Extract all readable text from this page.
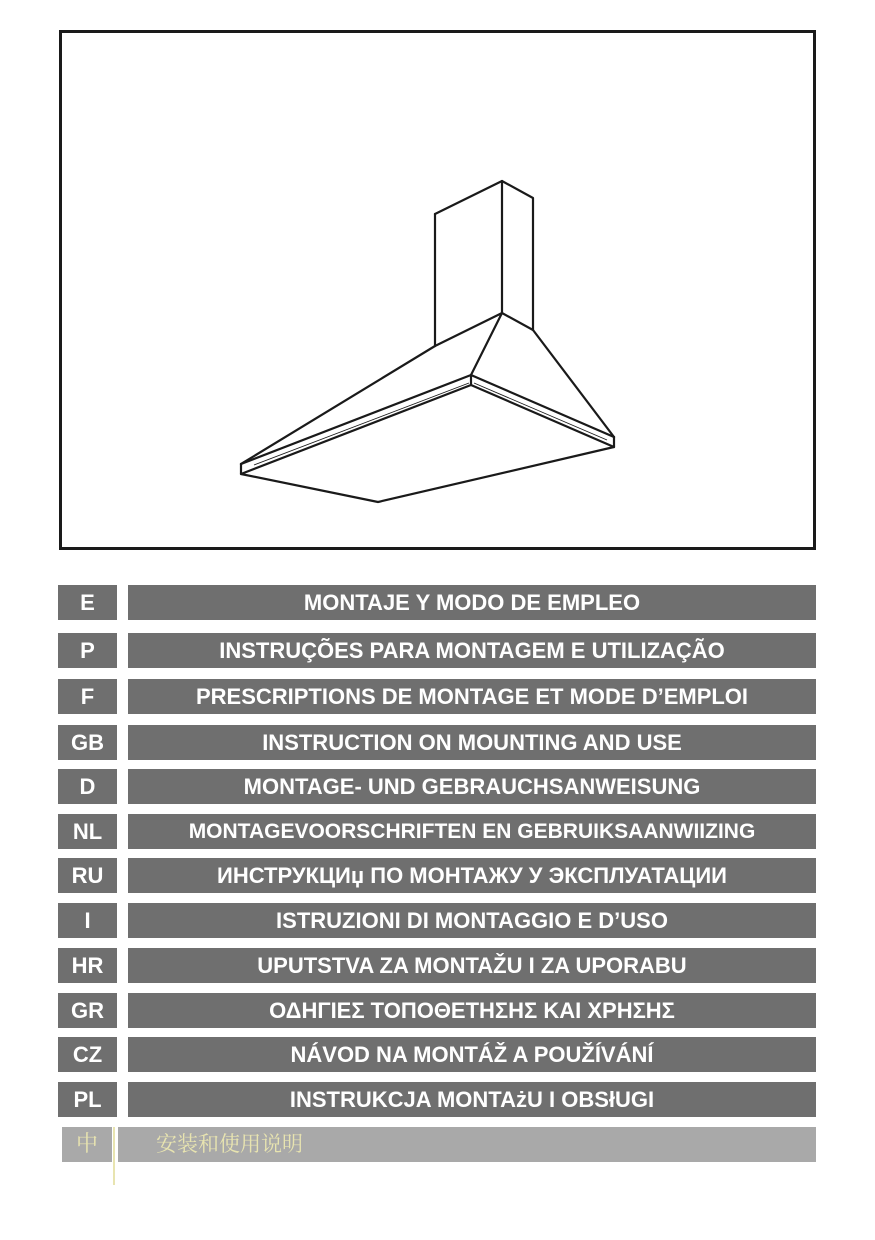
E	MONTAJE Y MODO DE EMPLEO
P	INSTRUÇÕES PARA MONTAGEM E UTILIZAÇÃO
F	PRESCRIPTIONS DE MONTAGE ET MODE D’EMPLOI
GB	INSTRUCTION ON MOUNTING AND USE
D	MONTAGE- UND GEBRAUCHSANWEISUNG
NL	MONTAGEVOORSCHRIFTEN EN GEBRUIKSAANWIIZING
RU	ИНСТРУКЦИџ ПО МОНТАЖУ У ЭКСПЛУАТАЦИИ
I	ISTRUZIONI DI MONTAGGIO E D’USO
HR	UPUTSTVA ZA MONTAŽU I ZA UPORABU
GR	ΟΔΗΓΙΕΣ ΤΟΠΟΘΕΤΗΣΗΣ ΚΑΙ ΧΡΗΣΗΣ
CZ	NÁVOD NA MONTÁŽ A POUŽÍVÁNÍ
PL	INSTRUKCJA MONTAżU I OBSłUGI
中	安装和使用说明
